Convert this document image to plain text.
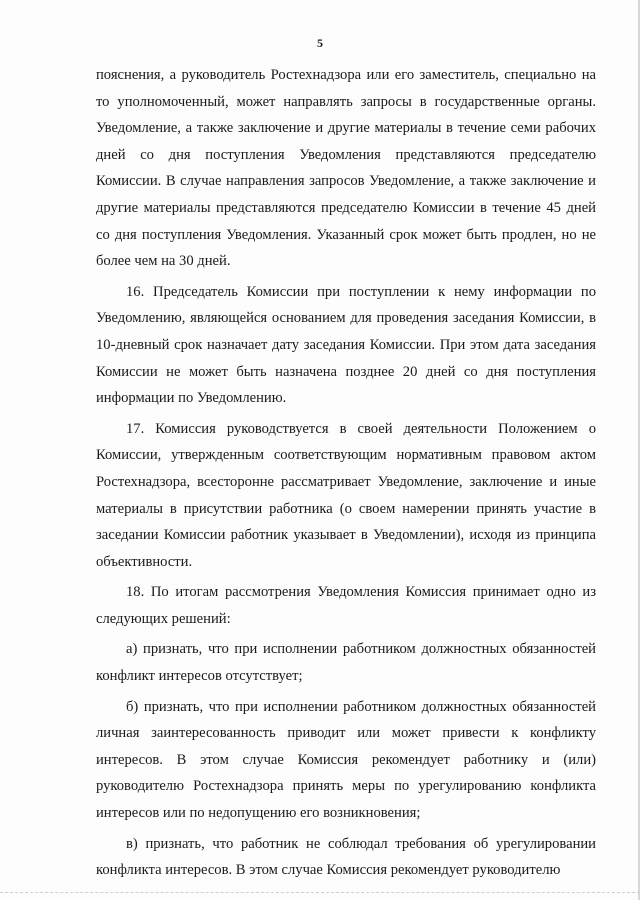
5

пояснения, а руководитель Ростехнадзора или его заместитель, специально на то уполномоченный, может направлять запросы в государственные органы. Уведомление, а также заключение и другие материалы в течение семи рабочих дней со дня поступления Уведомления представляются председателю Комиссии. В случае направления запросов Уведомление, а также заключение и другие материалы представляются председателю Комиссии в течение 45 дней со дня поступления Уведомления. Указанный срок может быть продлен, но не более чем на 30 дней.

16. Председатель Комиссии при поступлении к нему информации по Уведомлению, являющейся основанием для проведения заседания Комиссии, в 10-дневный срок назначает дату заседания Комиссии. При этом дата заседания Комиссии не может быть назначена позднее 20 дней со дня поступления информации по Уведомлению.

17. Комиссия руководствуется в своей деятельности Положением о Комиссии, утвержденным соответствующим нормативным правовом актом Ростехнадзора, всесторонне рассматривает Уведомление, заключение и иные материалы в присутствии работника (о своем намерении принять участие в заседании Комиссии работник указывает в Уведомлении), исходя из принципа объективности.

18. По итогам рассмотрения Уведомления Комиссия принимает одно из следующих решений:

а) признать, что при исполнении работником должностных обязанностей конфликт интересов отсутствует;

б) признать, что при исполнении работником должностных обязанностей личная заинтересованность приводит или может привести к конфликту интересов. В этом случае Комиссия рекомендует работнику и (или) руководителю Ростехнадзора принять меры по урегулированию конфликта интересов или по недопущению его возникновения;

в) признать, что работник не соблюдал требования об урегулировании конфликта интересов. В этом случае Комиссия рекомендует руководителю
